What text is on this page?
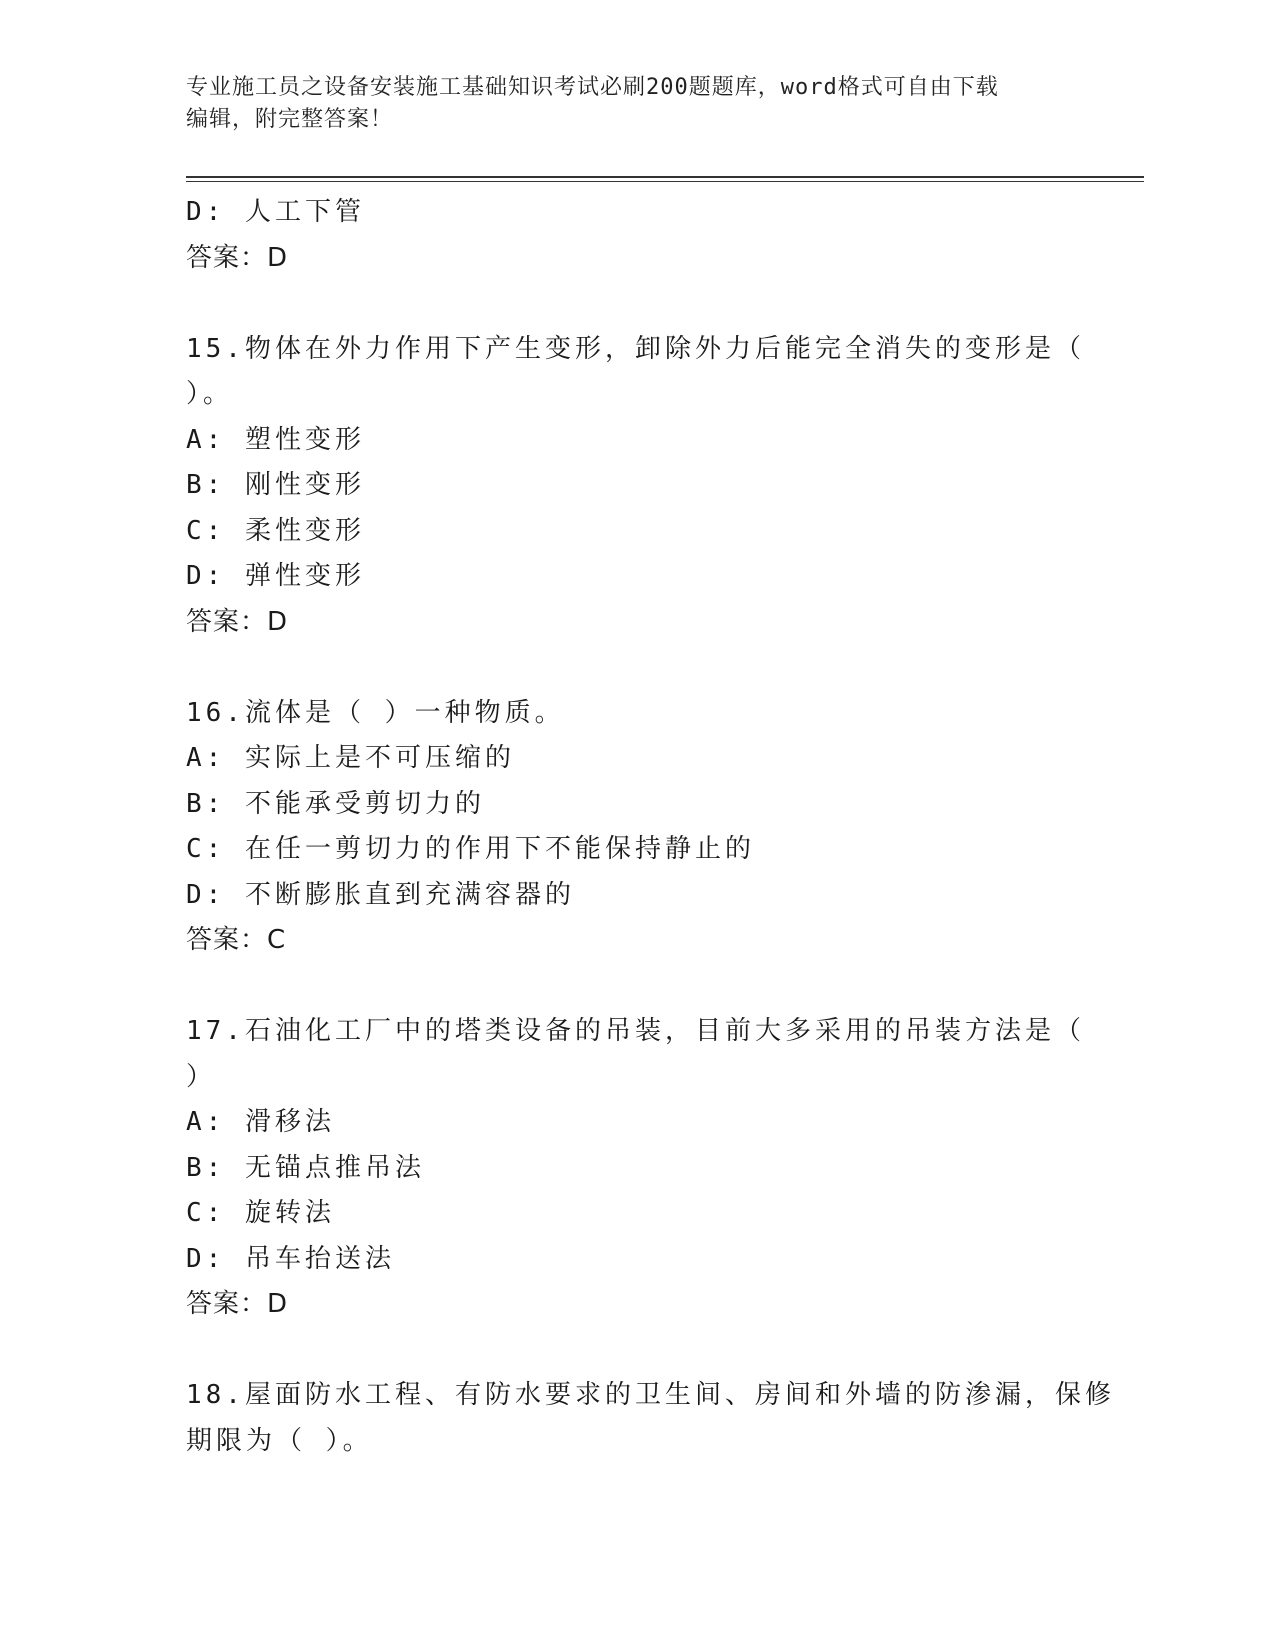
专业施工员之设备安装施工基础知识考试必刷200题题库，word格式可自由下载
编辑，附完整答案！

D: 人工下管

答案：D

15.物体在外力作用下产生变形，卸除外力后能完全消失的变形是（

）。

A: 塑性变形

B: 刚性变形

C: 柔性变形

D: 弹性变形

答案：D

16.流体是（ ）一种物质。

A: 实际上是不可压缩的

B: 不能承受剪切力的

C: 在任一剪切力的作用下不能保持静止的

D: 不断膨胀直到充满容器的

答案：C

17.石油化工厂中的塔类设备的吊装，目前大多采用的吊装方法是（

）

A: 滑移法

B: 无锚点推吊法

C: 旋转法

D: 吊车抬送法

答案：D

18.屋面防水工程、有防水要求的卫生间、房间和外墙的防渗漏，保修

期限为（ ）。
